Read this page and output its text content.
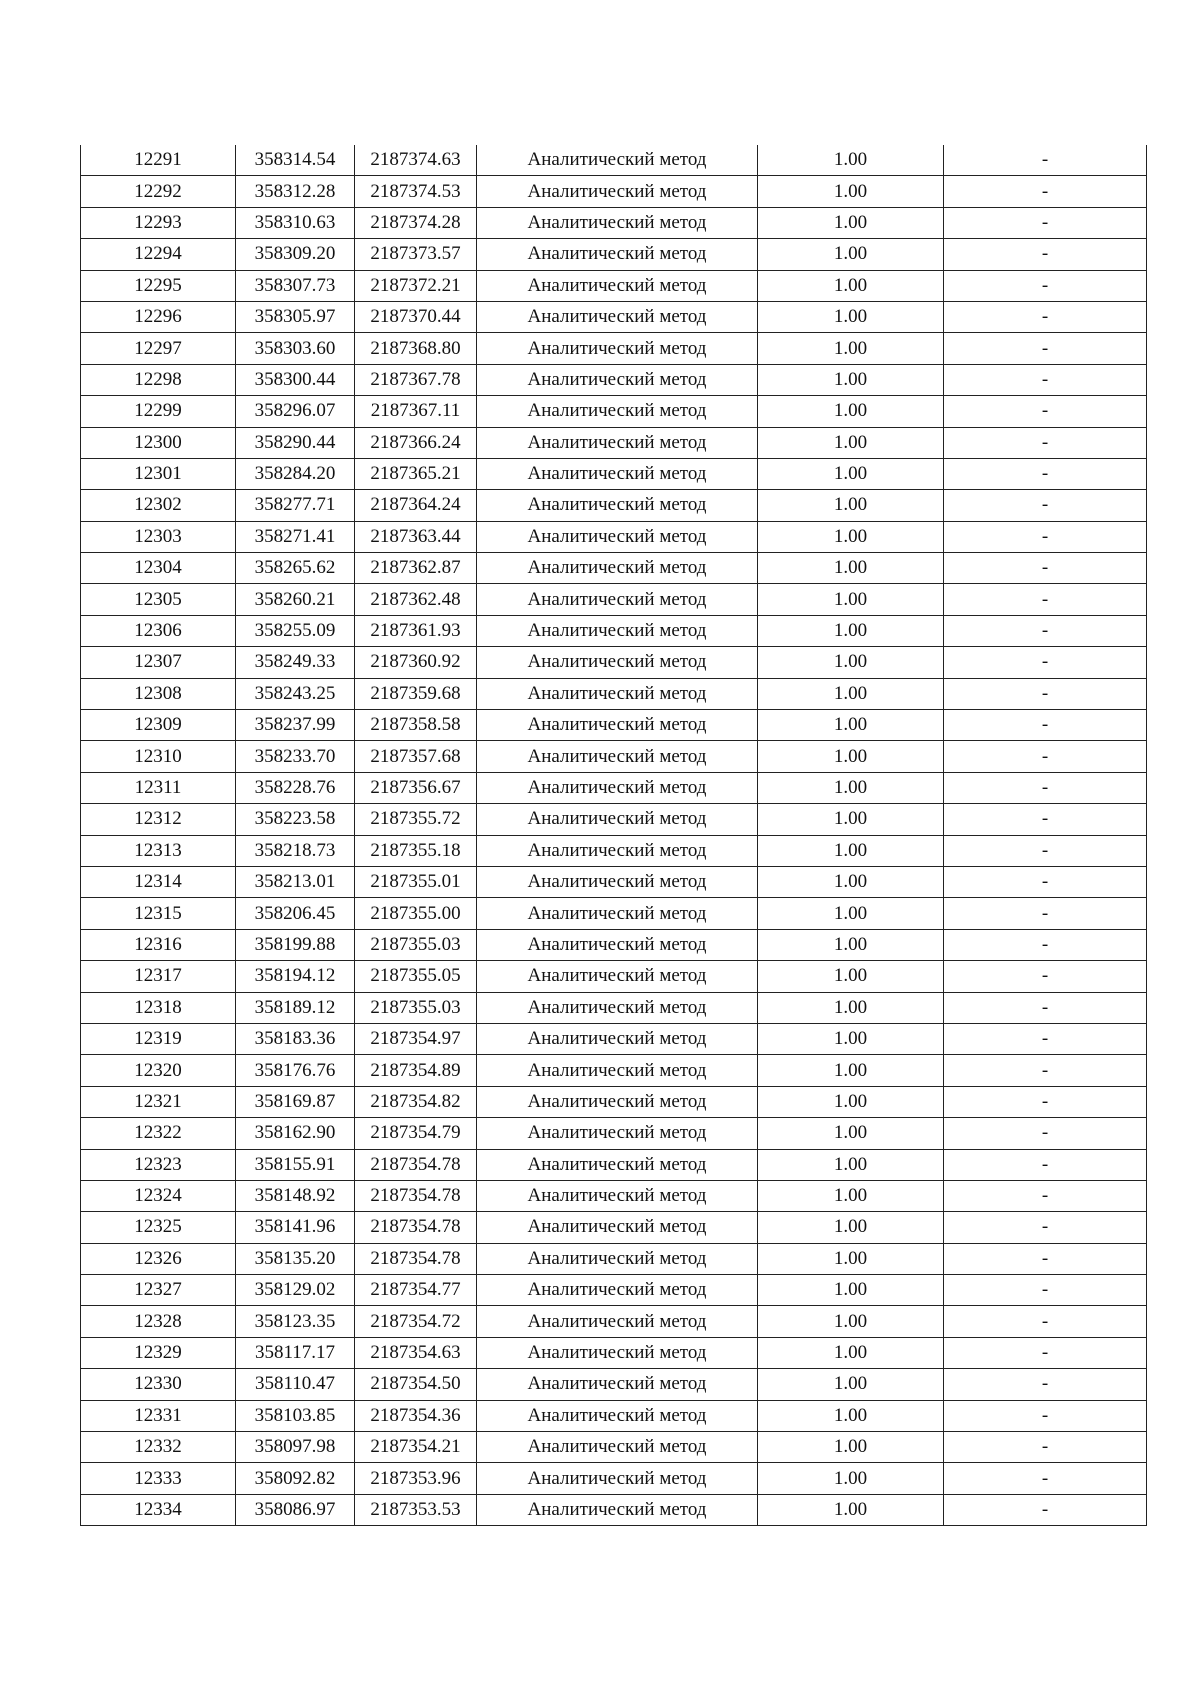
12291	358314.54	2187374.63	Аналитический метод	1.00	-
12292	358312.28	2187374.53	Аналитический метод	1.00	-
12293	358310.63	2187374.28	Аналитический метод	1.00	-
12294	358309.20	2187373.57	Аналитический метод	1.00	-
12295	358307.73	2187372.21	Аналитический метод	1.00	-
12296	358305.97	2187370.44	Аналитический метод	1.00	-
12297	358303.60	2187368.80	Аналитический метод	1.00	-
12298	358300.44	2187367.78	Аналитический метод	1.00	-
12299	358296.07	2187367.11	Аналитический метод	1.00	-
12300	358290.44	2187366.24	Аналитический метод	1.00	-
12301	358284.20	2187365.21	Аналитический метод	1.00	-
12302	358277.71	2187364.24	Аналитический метод	1.00	-
12303	358271.41	2187363.44	Аналитический метод	1.00	-
12304	358265.62	2187362.87	Аналитический метод	1.00	-
12305	358260.21	2187362.48	Аналитический метод	1.00	-
12306	358255.09	2187361.93	Аналитический метод	1.00	-
12307	358249.33	2187360.92	Аналитический метод	1.00	-
12308	358243.25	2187359.68	Аналитический метод	1.00	-
12309	358237.99	2187358.58	Аналитический метод	1.00	-
12310	358233.70	2187357.68	Аналитический метод	1.00	-
12311	358228.76	2187356.67	Аналитический метод	1.00	-
12312	358223.58	2187355.72	Аналитический метод	1.00	-
12313	358218.73	2187355.18	Аналитический метод	1.00	-
12314	358213.01	2187355.01	Аналитический метод	1.00	-
12315	358206.45	2187355.00	Аналитический метод	1.00	-
12316	358199.88	2187355.03	Аналитический метод	1.00	-
12317	358194.12	2187355.05	Аналитический метод	1.00	-
12318	358189.12	2187355.03	Аналитический метод	1.00	-
12319	358183.36	2187354.97	Аналитический метод	1.00	-
12320	358176.76	2187354.89	Аналитический метод	1.00	-
12321	358169.87	2187354.82	Аналитический метод	1.00	-
12322	358162.90	2187354.79	Аналитический метод	1.00	-
12323	358155.91	2187354.78	Аналитический метод	1.00	-
12324	358148.92	2187354.78	Аналитический метод	1.00	-
12325	358141.96	2187354.78	Аналитический метод	1.00	-
12326	358135.20	2187354.78	Аналитический метод	1.00	-
12327	358129.02	2187354.77	Аналитический метод	1.00	-
12328	358123.35	2187354.72	Аналитический метод	1.00	-
12329	358117.17	2187354.63	Аналитический метод	1.00	-
12330	358110.47	2187354.50	Аналитический метод	1.00	-
12331	358103.85	2187354.36	Аналитический метод	1.00	-
12332	358097.98	2187354.21	Аналитический метод	1.00	-
12333	358092.82	2187353.96	Аналитический метод	1.00	-
12334	358086.97	2187353.53	Аналитический метод	1.00	-
